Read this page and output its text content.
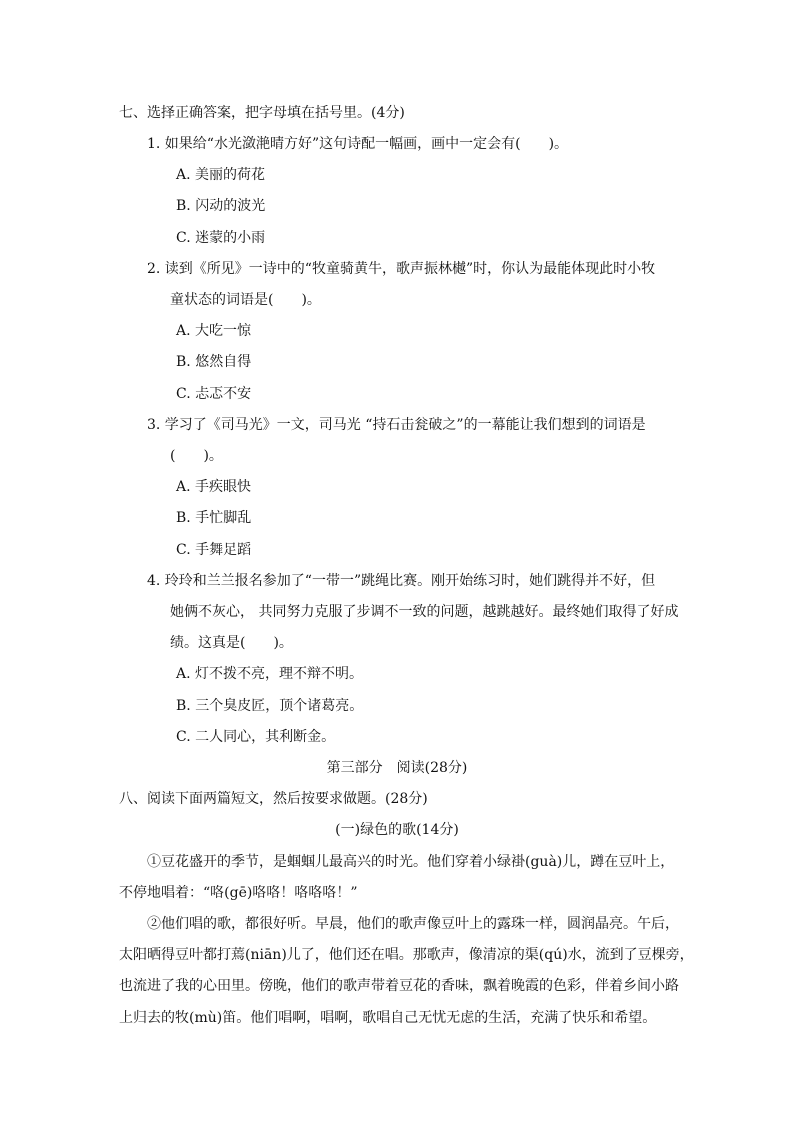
七、选择正确答案，把字母填在括号里。(4分)
1. 如果给“水光潋滟晴方好”这句诗配一幅画，画中一定会有(　　)。
A. 美丽的荷花
B. 闪动的波光
C. 迷蒙的小雨
2. 读到《所见》一诗中的“牧童骑黄牛，歌声振林樾”时，你认为最能体现此时小牧
童状态的词语是(　　)。
A. 大吃一惊
B. 悠然自得
C. 忐忑不安
3. 学习了《司马光》一文，司马光 “持石击瓮破之”的一幕能让我们想到的词语是
(　　)。
A. 手疾眼快
B. 手忙脚乱
C. 手舞足蹈
4. 玲玲和兰兰报名参加了“一带一”跳绳比赛。刚开始练习时，她们跳得并不好，但
她俩不灰心， 共同努力克服了步调不一致的问题，越跳越好。最终她们取得了好成
绩。这真是(　　)。
A. 灯不拨不亮，理不辩不明。
B. 三个臭皮匠，顶个诸葛亮。
C. 二人同心，其利断金。
第三部分　阅读(28分)
八、阅读下面两篇短文，然后按要求做题。(28分)
(一)绿色的歌(14分)
①豆花盛开的季节，是蝈蝈儿最高兴的时光。他们穿着小绿褂(guà)儿，蹲在豆叶上，
不停地唱着：“咯(gē)咯咯！咯咯咯！”
②他们唱的歌，都很好听。早晨，他们的歌声像豆叶上的露珠一样，圆润晶亮。午后，
太阳晒得豆叶都打蔫(niān)儿了，他们还在唱。那歌声，像清凉的渠(qú)水，流到了豆棵旁，
也流进了我的心田里。傍晚，他们的歌声带着豆花的香味，飘着晚霞的色彩，伴着乡间小路
上归去的牧(mù)笛。他们唱啊，唱啊，歌唱自己无忧无虑的生活，充满了快乐和希望。
